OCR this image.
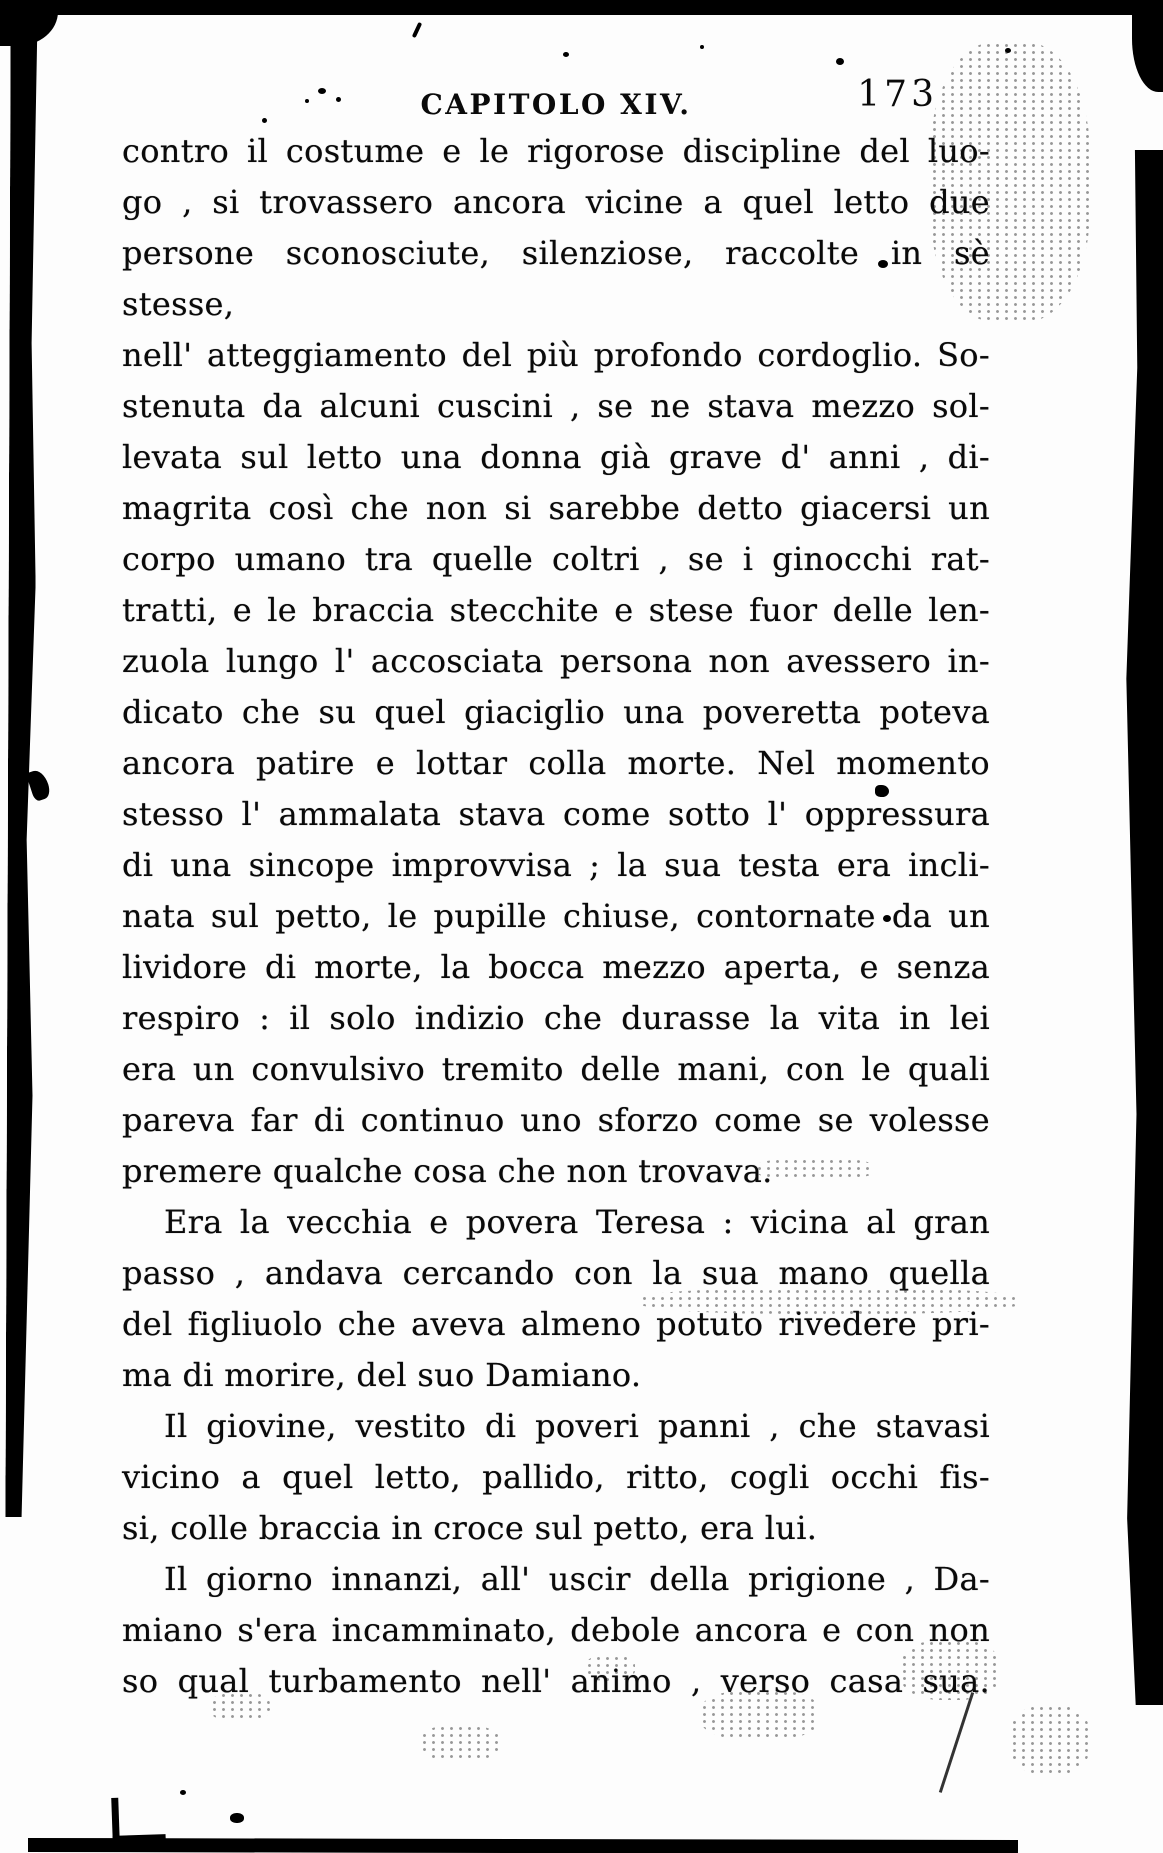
CAPITOLO XIV.	173
contro il costume e le rigorose discipline del luo-
go , si trovassero ancora vicine a quel letto due
persone sconosciute, silenziose, raccolte in sè stesse,
nell' atteggiamento del più profondo cordoglio. So-
stenuta da alcuni cuscini , se ne stava mezzo sol-
levata sul letto una donna già grave d' anni , di-
magrita così che non si sarebbe detto giacersi un
corpo umano tra quelle coltri , se i ginocchi rat-
tratti, e le braccia stecchite e stese fuor delle len-
zuola lungo l' accosciata persona non avessero in-
dicato che su quel giaciglio una poveretta poteva
ancora patire e lottar colla morte. Nel momento
stesso l' ammalata stava come sotto l' oppressura
di una sincope improvvisa ; la sua testa era incli-
nata sul petto, le pupille chiuse, contornate da un
lividore di morte, la bocca mezzo aperta, e senza
respiro : il solo indizio che durasse la vita in lei
era un convulsivo tremito delle mani, con le quali
pareva far di continuo uno sforzo come se volesse
premere qualche cosa che non trovava.
Era la vecchia e povera Teresa : vicina al gran
passo , andava cercando con la sua mano quella
del figliuolo che aveva almeno potuto rivedere pri-
ma di morire, del suo Damiano.
Il giovine, vestito di poveri panni , che stavasi
vicino a quel letto, pallido, ritto, cogli occhi fis-
si, colle braccia in croce sul petto, era lui.
Il giorno innanzi, all' uscir della prigione , Da-
miano s'era incamminato, debole ancora e con non
so qual turbamento nell' animo , verso casa sua.
